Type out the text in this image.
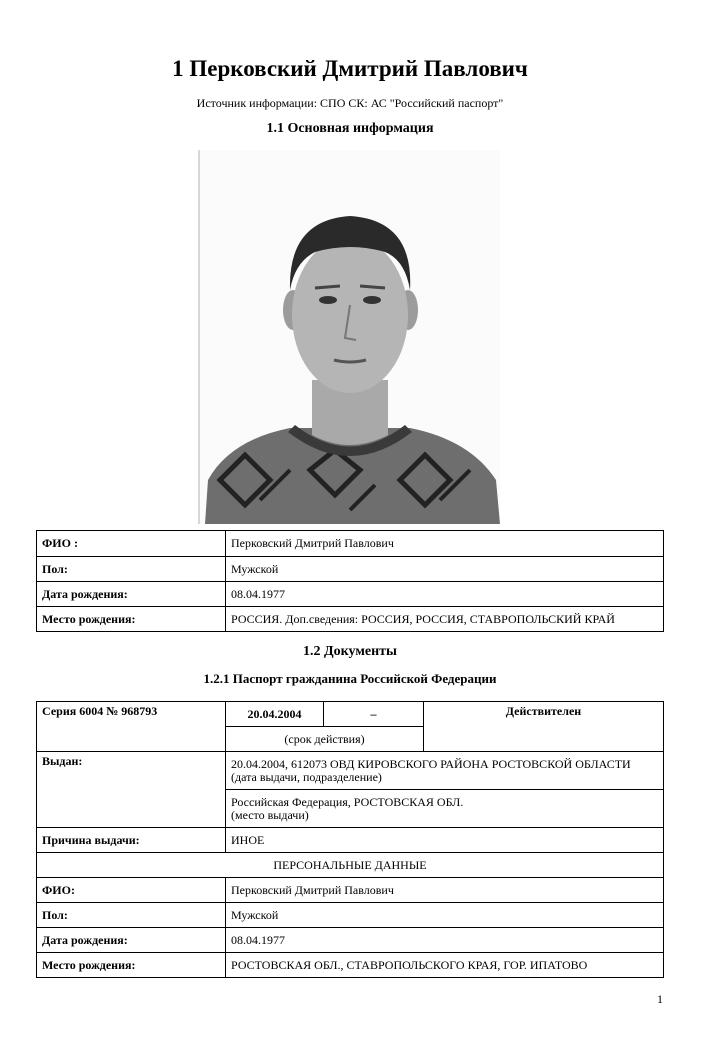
1 Перковский Дмитрий Павлович
Источник информации: СПО СК: АС "Российский паспорт"
1.1 Основная информация
ФИО :	Перковский Дмитрий Павлович
Пол:	Мужской
Дата рождения:	08.04.1977
Место рождения:	РОССИЯ. Доп.сведения: РОССИЯ, РОССИЯ, СТАВРОПОЛЬСКИЙ КРАЙ
1.2 Документы
1.2.1 Паспорт гражданина Российской Федерации
Серия 6004 № 968793	20.04.2004	–	Действителен
	(срок действия)		
Выдан:	20.04.2004, 612073 ОВД КИРОВСКОГО РАЙОНА РОСТОВСКОЙ ОБЛАСТИ
(дата выдачи, подразделение)		

	Российская Федерация, РОСТОВСКАЯ ОБЛ.
(место выдачи)		

Причина выдачи:	ИНОЕ		
ПЕРСОНАЛЬНЫЕ ДАННЫЕ			
ФИО:	Перковский Дмитрий Павлович		
Пол:	Мужской		
Дата рождения:	08.04.1977		
Место рождения:	РОСТОВСКАЯ ОБЛ., СТАВРОПОЛЬСКОГО КРАЯ, ГОР. ИПАТОВО		
1
